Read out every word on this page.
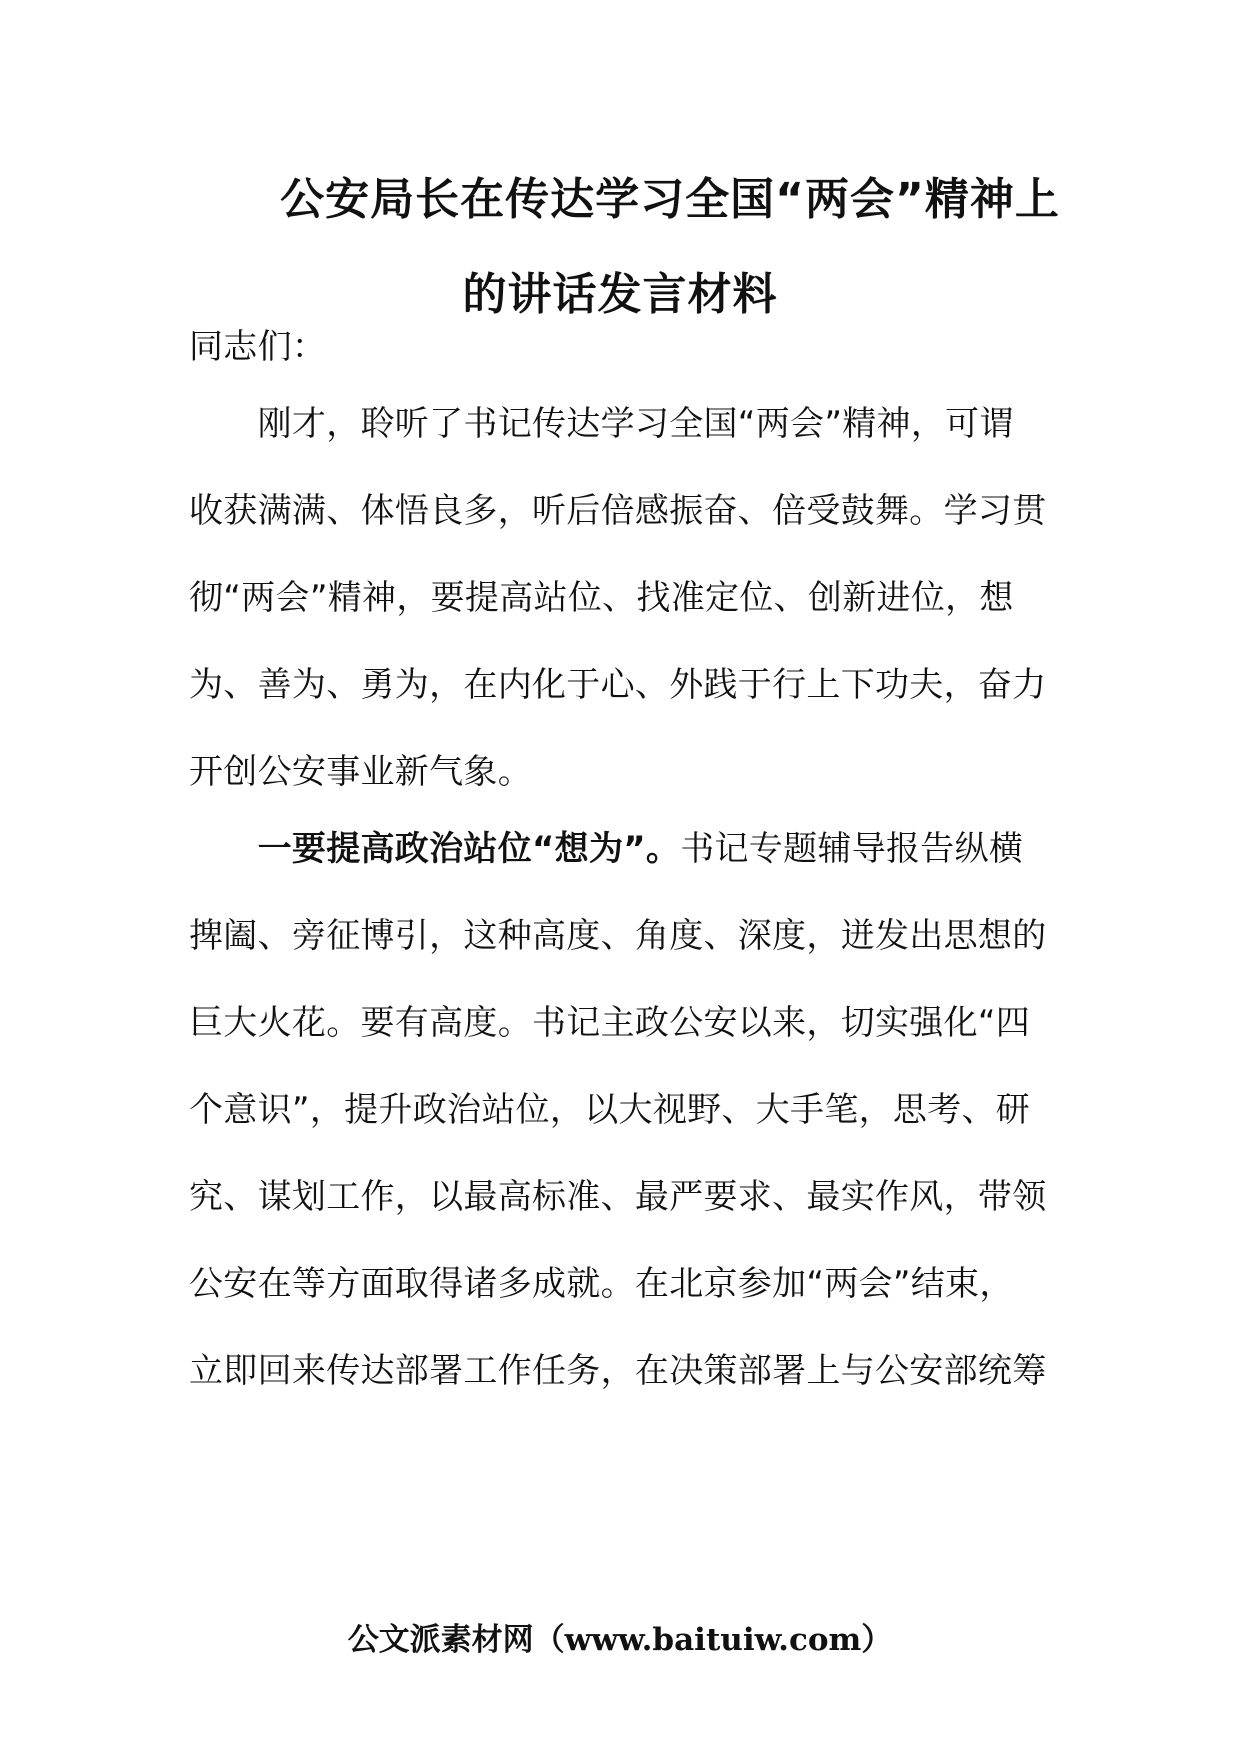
公安局长在传达学习全国“两会”精神上
的讲话发言材料
同志们：
　　刚才，聆听了书记传达学习全国“两会”精神，可谓
收获满满、体悟良多，听后倍感振奋、倍受鼓舞。学习贯
彻“两会”精神，要提高站位、找准定位、创新进位，想
为、善为、勇为，在内化于心、外践于行上下功夫，奋力
开创公安事业新气象。
　　一要提高政治站位“想为”。书记专题辅导报告纵横
捭阖、旁征博引，这种高度、角度、深度，迸发出思想的
巨大火花。要有高度。书记主政公安以来，切实强化“四
个意识”，提升政治站位，以大视野、大手笔，思考、研
究、谋划工作，以最高标准、最严要求、最实作风，带领
公安在等方面取得诸多成就。在北京参加“两会”结束，
立即回来传达部署工作任务，在决策部署上与公安部统筹
公文派素材网（www.baituiw.com）
